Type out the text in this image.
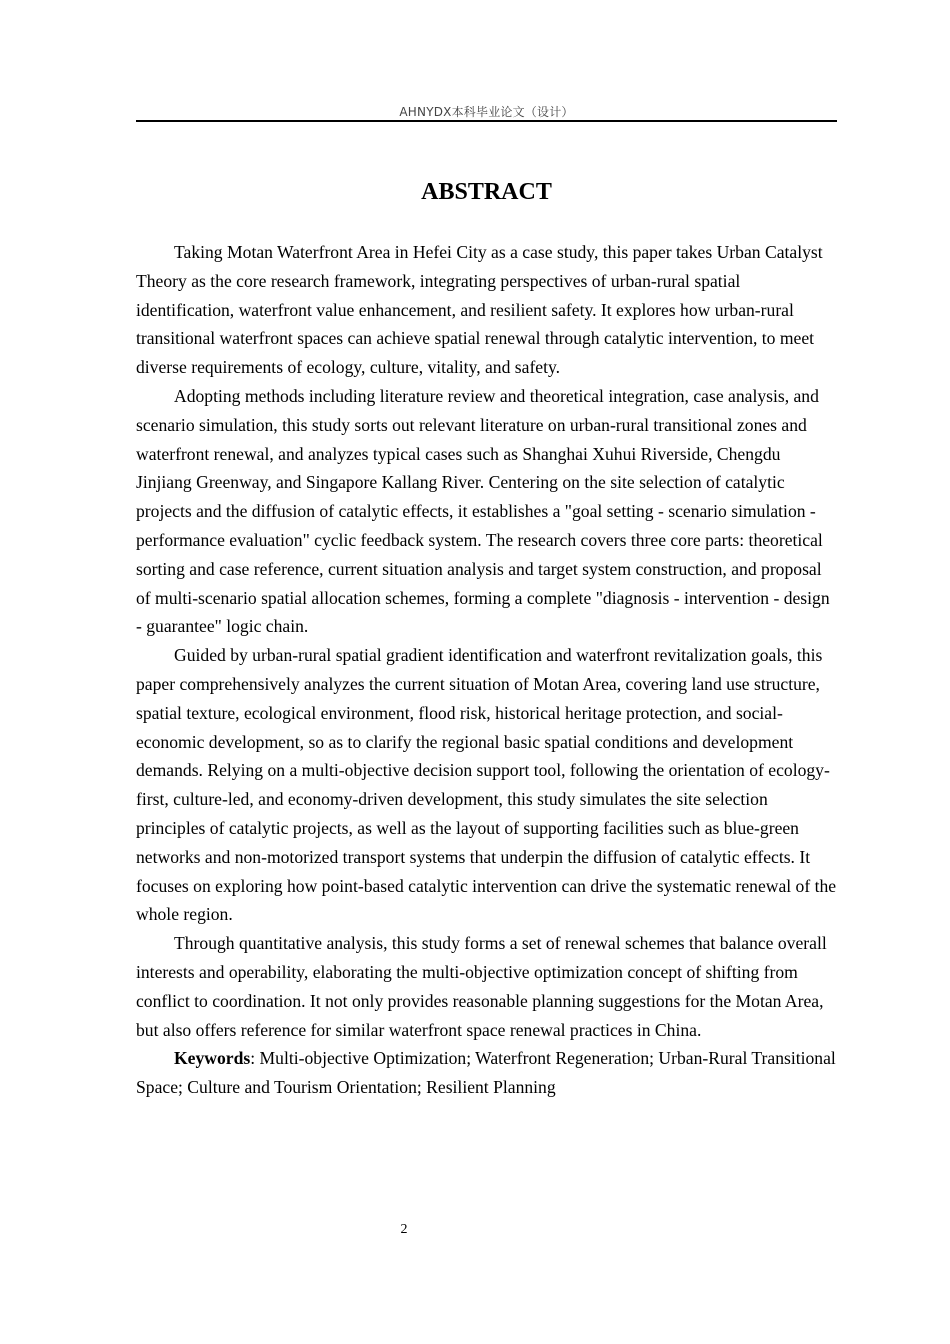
AHNYDX本科毕业论文（设计）
ABSTRACT

Taking Motan Waterfront Area in Hefei City as a case study, this paper takes Urban Catalyst Theory as the core research framework, integrating perspectives of urban-rural spatial identification, waterfront value enhancement, and resilient safety. It explores how urban-rural transitional waterfront spaces can achieve spatial renewal through catalytic intervention, to meet diverse requirements of ecology, culture, vitality, and safety.

Adopting methods including literature review and theoretical integration, case analysis, and scenario simulation, this study sorts out relevant literature on urban-rural transitional zones and waterfront renewal, and analyzes typical cases such as Shanghai Xuhui Riverside, Chengdu Jinjiang Greenway, and Singapore Kallang River. Centering on the site selection of catalytic projects and the diffusion of catalytic effects, it establishes a "goal setting - scenario simulation - performance evaluation" cyclic feedback system. The research covers three core parts: theoretical sorting and case reference, current situation analysis and target system construction, and proposal of multi-scenario spatial allocation schemes, forming a complete "diagnosis - intervention - design - guarantee" logic chain.

Guided by urban-rural spatial gradient identification and waterfront revitalization goals, this paper comprehensively analyzes the current situation of Motan Area, covering land use structure, spatial texture, ecological environment, flood risk, historical heritage protection, and social-economic development, so as to clarify the regional basic spatial conditions and development demands. Relying on a multi-objective decision support tool, following the orientation of ecology-first, culture-led, and economy-driven development, this study simulates the site selection principles of catalytic projects, as well as the layout of supporting facilities such as blue-green networks and non-motorized transport systems that underpin the diffusion of catalytic effects. It focuses on exploring how point-based catalytic intervention can drive the systematic renewal of the whole region.

Through quantitative analysis, this study forms a set of renewal schemes that balance overall interests and operability, elaborating the multi-objective optimization concept of shifting from conflict to coordination. It not only provides reasonable planning suggestions for the Motan Area, but also offers reference for similar waterfront space renewal practices in China.

Keywords: Multi-objective Optimization; Waterfront Regeneration; Urban-Rural Transitional Space; Culture and Tourism Orientation; Resilient Planning

2
